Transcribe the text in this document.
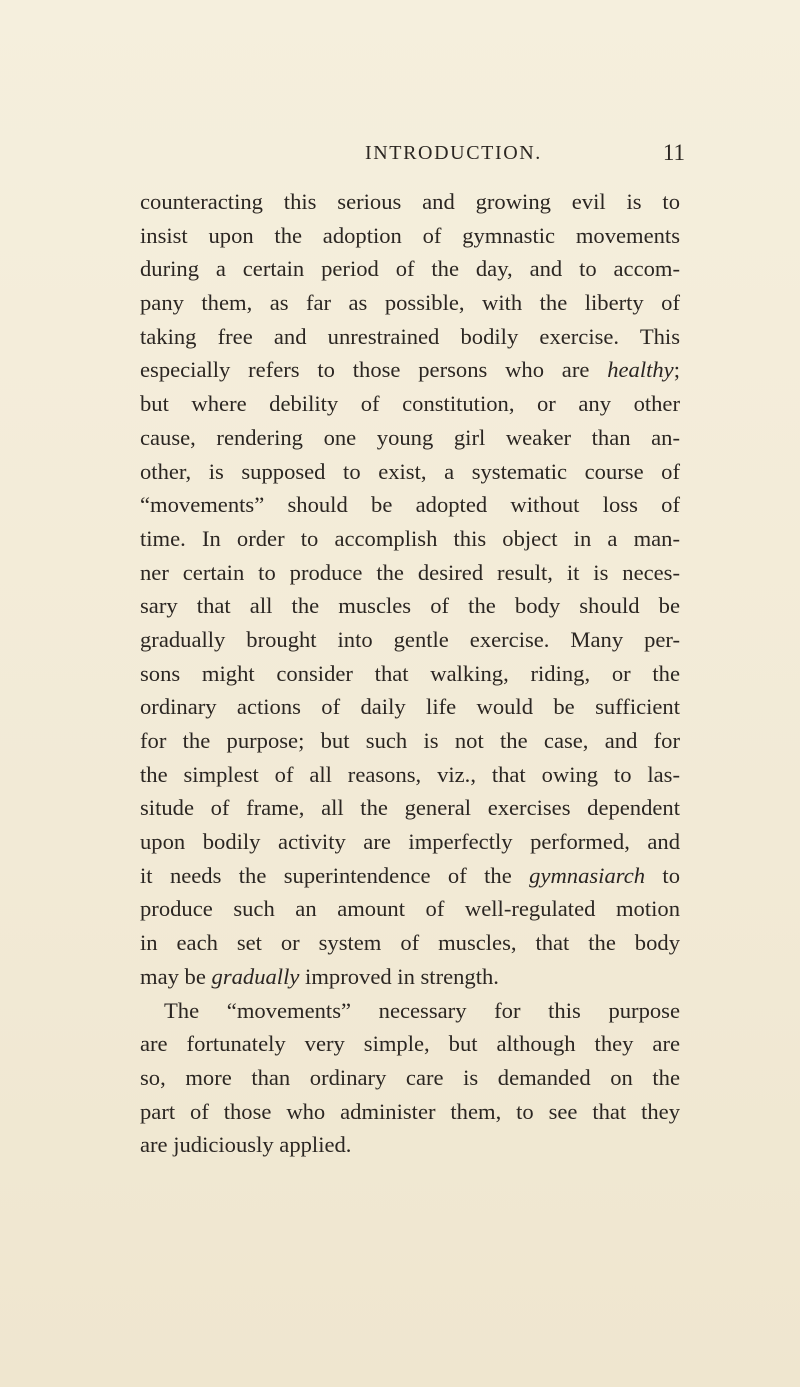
INTRODUCTION.	11
counteracting this serious and growing evil is to
insist upon the adoption of gymnastic movements
during a certain period of the day, and to accom-
pany them, as far as possible, with the liberty of
taking free and unrestrained bodily exercise. This
especially refers to those persons who are healthy;
but where debility of constitution, or any other
cause, rendering one young girl weaker than an-
other, is supposed to exist, a systematic course of
“movements” should be adopted without loss of
time. In order to accomplish this object in a man-
ner certain to produce the desired result, it is neces-
sary that all the muscles of the body should be
gradually brought into gentle exercise. Many per-
sons might consider that walking, riding, or the
ordinary actions of daily life would be sufficient
for the purpose; but such is not the case, and for
the simplest of all reasons, viz., that owing to las-
situde of frame, all the general exercises dependent
upon bodily activity are imperfectly performed, and
it needs the superintendence of the gymnasiarch to
produce such an amount of well-regulated motion
in each set or system of muscles, that the body
may be gradually improved in strength.
The “movements” necessary for this purpose
are fortunately very simple, but although they are
so, more than ordinary care is demanded on the
part of those who administer them, to see that they
are judiciously applied.
